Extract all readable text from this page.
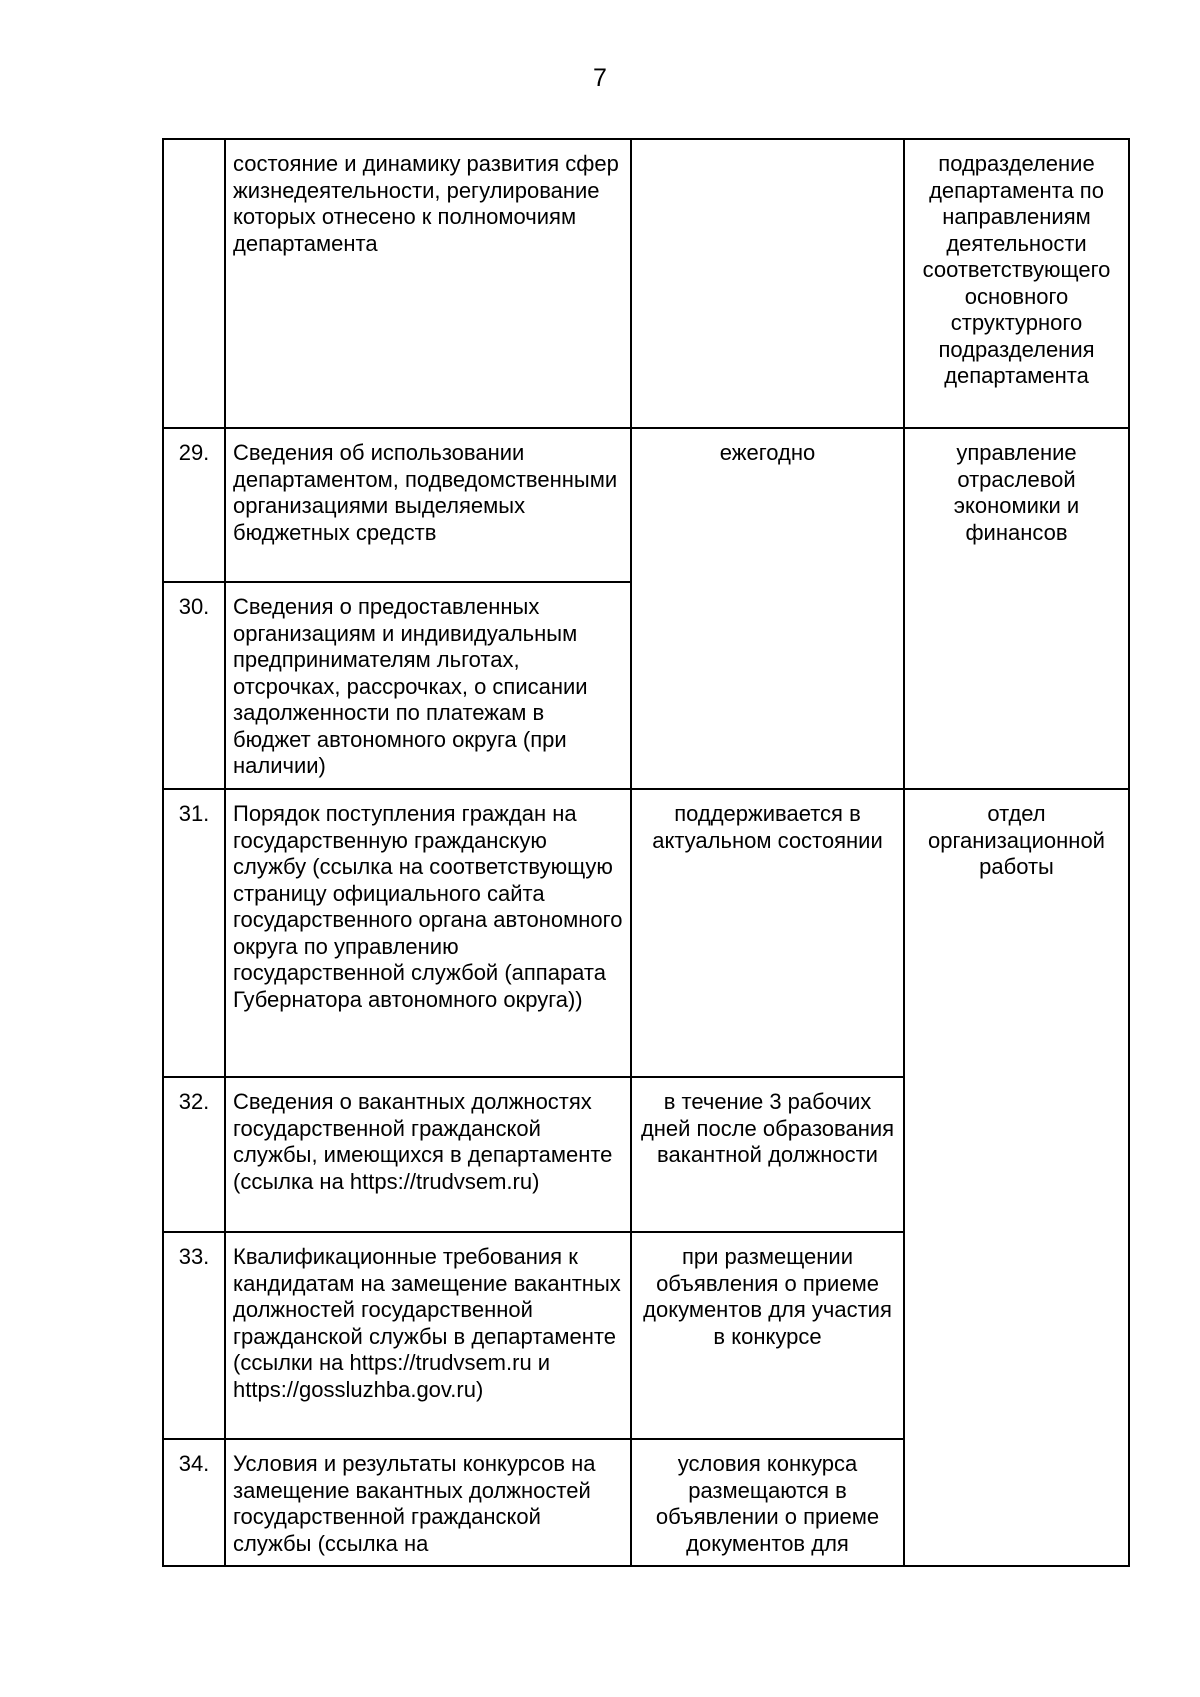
7
	состояние и динамику развития сфер жизнедеятельности, регулирование которых отнесено к полномочиям департамента		подразделение департамента по направлениям деятельности соответствующего основного структурного подразделения департамента
29.	Сведения об использовании департаментом, подведомственными организациями выделяемых бюджетных средств	ежегодно	управление отраслевой экономики и финансов
30.	Сведения о предоставленных организациям и индивидуальным предпринимателям льготах, отсрочках, рассрочках, о списании задолженности по платежам в бюджет автономного округа (при наличии)		
31.	Порядок поступления граждан на государственную гражданскую службу (ссылка на соответствующую страницу официального сайта государственного органа автономного округа по управлению государственной службой (аппарата Губернатора автономного округа))	поддерживается в актуальном состоянии	отдел организационной работы
32.	Сведения о вакантных должностях государственной гражданской службы, имеющихся в департаменте (ссылка на https://trudvsem.ru)	в течение 3 рабочих дней после образования вакантной должности	
33.	Квалификационные требования к кандидатам на замещение вакантных должностей государственной гражданской службы в департаменте (ссылки на https://trudvsem.ru и https://gossluzhba.gov.ru)	при размещении объявления о приеме документов для участия в конкурсе	
34.	Условия и результаты конкурсов на замещение вакантных должностей государственной гражданской службы (ссылка на	условия конкурса размещаются в объявлении о приеме документов для	
